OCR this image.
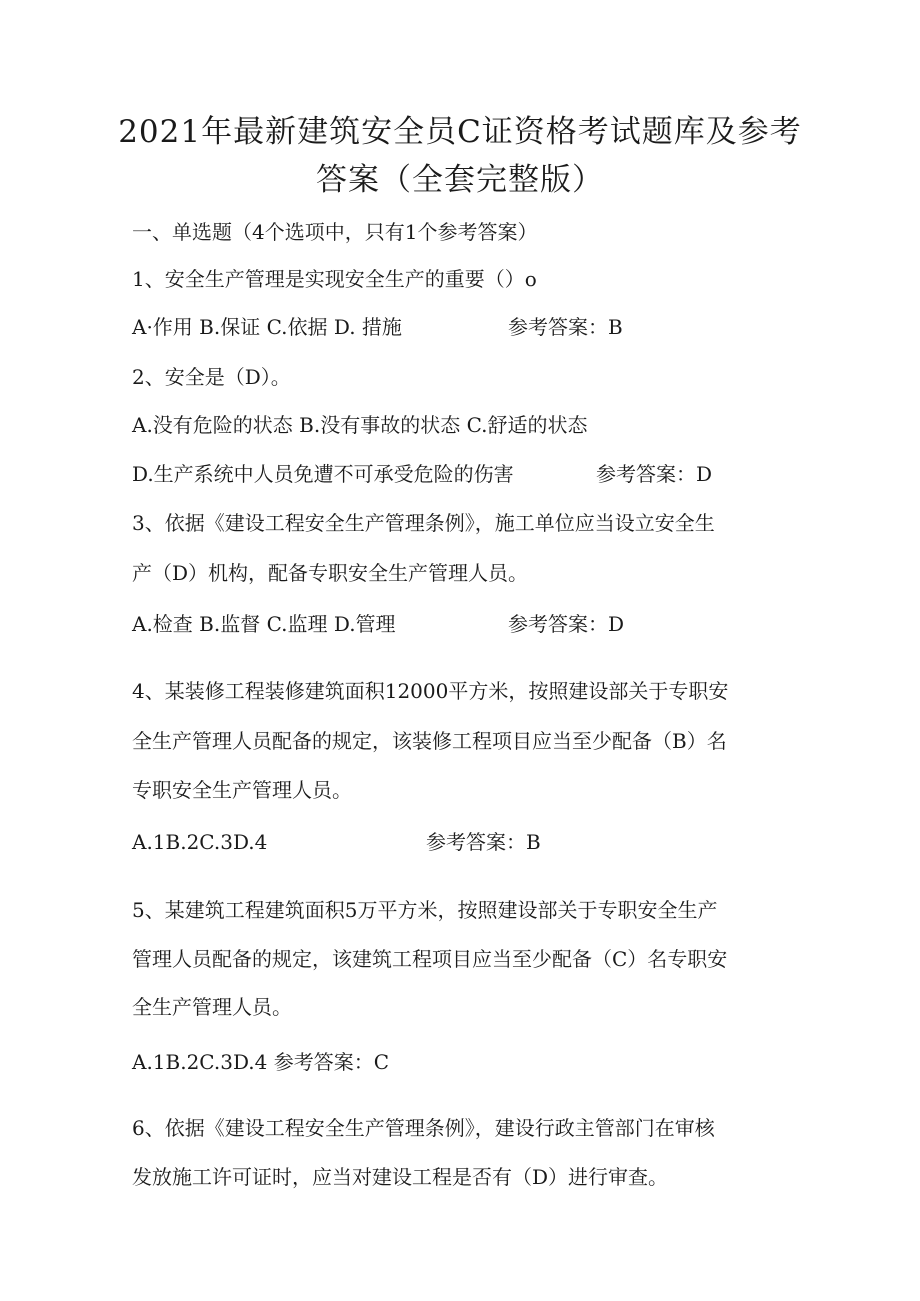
2021年最新建筑安全员C证资格考试题库及参考
答案（全套完整版）
一、单选题（4个选项中，只有1个参考答案）
1、安全生产管理是实现安全生产的重要（）o
A·作用 B.保证 C.依据 D. 措施	参考答案：B
2、安全是（D）。
A.没有危险的状态 B.没有事故的状态 C.舒适的状态
D.生产系统中人员免遭不可承受危险的伤害	参考答案：D
3、依据《建设工程安全生产管理条例》，施工单位应当设立安全生
产（D）机构，配备专职安全生产管理人员。
A.检查 B.监督 C.监理 D.管理	参考答案：D
4、某装修工程装修建筑面积12000平方米，按照建设部关于专职安
全生产管理人员配备的规定，该装修工程项目应当至少配备（B）名
专职安全生产管理人员。
A.1B.2C.3D.4	参考答案：B
5、某建筑工程建筑面积5万平方米，按照建设部关于专职安全生产
管理人员配备的规定，该建筑工程项目应当至少配备（C）名专职安
全生产管理人员。
A.1B.2C.3D.4 参考答案：C
6、依据《建设工程安全生产管理条例》，建设行政主管部门在审核
发放施工许可证时，应当对建设工程是否有（D）进行审查。
